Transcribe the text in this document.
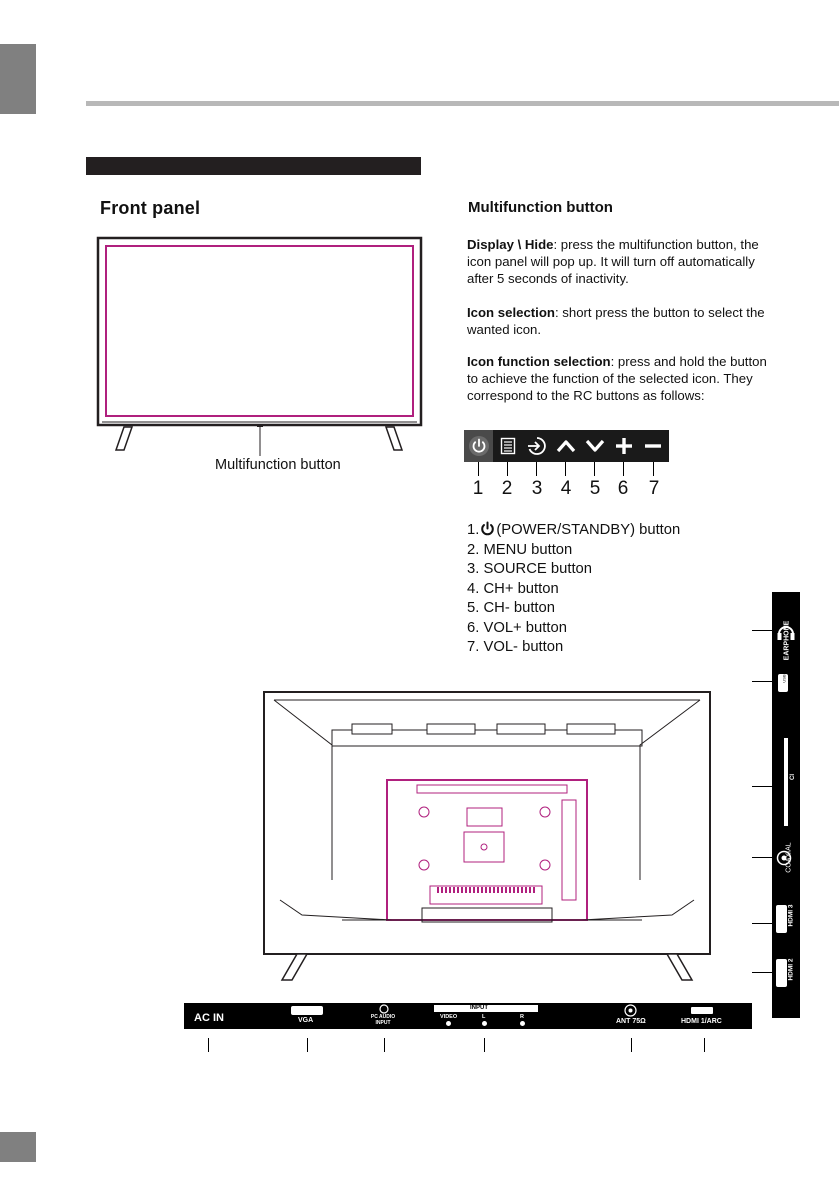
Front panel	Multifunction button
Multifunction button
Display \ Hide: press the multifunction button, the icon panel will pop up. It will turn off automatically after 5 seconds of inactivity.
Icon selection: short press the button to select the wanted icon.
Icon function selection: press and hold the button to achieve the function of the selected icon. They correspond to the RC buttons as follows:
1 2 3 4 5 6 7
1. (POWER/STANDBY) button
2. MENU button
3. SOURCE button
4. CH+ button
5. CH- button
6. VOL+ button
7. VOL- button	EARPHONE
USB
CI
COAXIAL
HDMI 3
HDMI 2
AC IN	VGA	PC AUDIO
INPUT
INPUT
VIDEO	L	R
ANT 75Ω	HDMI 1/ARC
